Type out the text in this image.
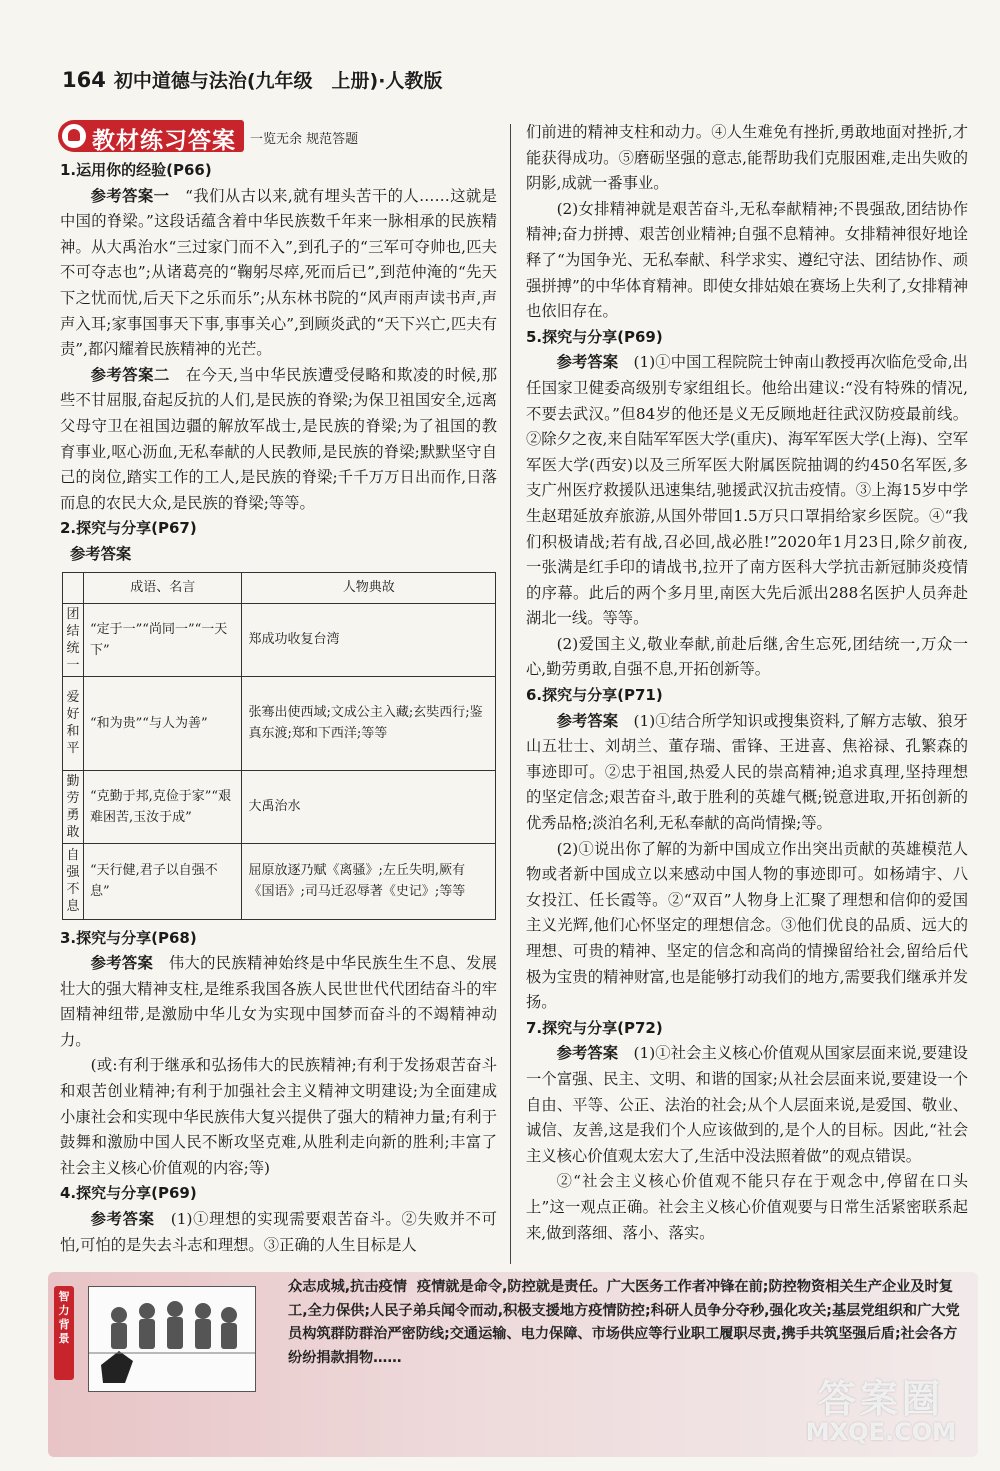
164 初中道德与法治(九年级　上册)·人教版
教材练习答案 一览无余 规范答题

1.运用你的经验(P66)

参考答案一　 “我们从古以来,就有埋头苦干的人……这就是中国的脊梁。”这段话蕴含着中华民族数千年来一脉相承的民族精神。从大禹治水“三过家门而不入”,到孔子的“三军可夺帅也,匹夫不可夺志也”;从诸葛亮的“鞠躬尽瘁,死而后已”,到范仲淹的“先天下之忧而忧,后天下之乐而乐”;从东林书院的“风声雨声读书声,声声入耳;家事国事天下事,事事关心”,到顾炎武的“天下兴亡,匹夫有责”,都闪耀着民族精神的光芒。

参考答案二　 在今天,当中华民族遭受侵略和欺凌的时候,那些不甘屈服,奋起反抗的人们,是民族的脊梁;为保卫祖国安全,远离父母守卫在祖国边疆的解放军战士,是民族的脊梁;为了祖国的教育事业,呕心沥血,无私奉献的人民教师,是民族的脊梁;默默坚守自己的岗位,踏实工作的工人,是民族的脊梁;千千万万日出而作,日落而息的农民大众,是民族的脊梁;等等。

2.探究与分享(P67)

参考答案

	成语、名言	人物典故
团结统一	“定于一”“尚同一”“一天下”	郑成功收复台湾
爱好和平	“和为贵”“与人为善”	张骞出使西域;文成公主入藏;玄奘西行;鉴真东渡;郑和下西洋;等等
勤劳勇敢	“克勤于邦,克俭于家”“艰难困苦,玉汝于成”	大禹治水
自强不息	“天行健,君子以自强不息”	屈原放逐乃赋《离骚》;左丘失明,厥有《国语》;司马迁忍辱著《史记》;等等

3.探究与分享(P68)

参考答案　 伟大的民族精神始终是中华民族生生不息、发展壮大的强大精神支柱,是维系我国各族人民世世代代团结奋斗的牢固精神纽带,是激励中华儿女为实现中国梦而奋斗的不竭精神动力。

(或:有利于继承和弘扬伟大的民族精神;有利于发扬艰苦奋斗和艰苦创业精神;有利于加强社会主义精神文明建设;为全面建成小康社会和实现中华民族伟大复兴提供了强大的精神力量;有利于鼓舞和激励中国人民不断攻坚克难,从胜利走向新的胜利;丰富了社会主义核心价值观的内容;等)

4.探究与分享(P69)

参考答案　 (1)①理想的实现需要艰苦奋斗。②失败并不可怕,可怕的是失去斗志和理想。③正确的人生目标是人

们前进的精神支柱和动力。④人生难免有挫折,勇敢地面对挫折,才能获得成功。⑤磨砺坚强的意志,能帮助我们克服困难,走出失败的阴影,成就一番事业。

(2)女排精神就是艰苦奋斗,无私奉献精神;不畏强敌,团结协作精神;奋力拼搏、艰苦创业精神;自强不息精神。女排精神很好地诠释了“为国争光、无私奉献、科学求实、遵纪守法、团结协作、顽强拼搏”的中华体育精神。即使女排姑娘在赛场上失利了,女排精神也依旧存在。

5.探究与分享(P69)

参考答案　 (1)①中国工程院院士钟南山教授再次临危受命,出任国家卫健委高级别专家组组长。他给出建议:“没有特殊的情况,不要去武汉。”但84岁的他还是义无反顾地赶往武汉防疫最前线。②除夕之夜,来自陆军军医大学(重庆)、海军军医大学(上海)、空军军医大学(西安)以及三所军医大附属医院抽调的约450名军医,多支广州医疗救援队迅速集结,驰援武汉抗击疫情。③上海15岁中学生赵珺延放弃旅游,从国外带回1.5万只口罩捐给家乡医院。④“我们积极请战;若有战,召必回,战必胜!”2020年1月23日,除夕前夜,一张满是红手印的请战书,拉开了南方医科大学抗击新冠肺炎疫情的序幕。此后的两个多月里,南医大先后派出288名医护人员奔赴湖北一线。等等。

(2)爱国主义,敬业奉献,前赴后继,舍生忘死,团结统一,万众一心,勤劳勇敢,自强不息,开拓创新等。

6.探究与分享(P71)

参考答案　 (1)①结合所学知识或搜集资料,了解方志敏、狼牙山五壮士、刘胡兰、董存瑞、雷锋、王进喜、焦裕禄、孔繁森的事迹即可。②忠于祖国,热爱人民的崇高精神;追求真理,坚持理想的坚定信念;艰苦奋斗,敢于胜利的英雄气概;锐意进取,开拓创新的优秀品格;淡泊名利,无私奉献的高尚情操;等。

(2)①说出你了解的为新中国成立作出突出贡献的英雄模范人物或者新中国成立以来感动中国人物的事迹即可。如杨靖宇、八女投江、任长霞等。②“双百”人物身上汇聚了理想和信仰的爱国主义光辉,他们心怀坚定的理想信念。③他们优良的品质、远大的理想、可贵的精神、坚定的信念和高尚的情操留给社会,留给后代极为宝贵的精神财富,也是能够打动我们的地方,需要我们继承并发扬。

7.探究与分享(P72)

参考答案　 (1)①社会主义核心价值观从国家层面来说,要建设一个富强、民主、文明、和谐的国家;从社会层面来说,要建设一个自由、平等、公正、法治的社会;从个人层面来说,是爱国、敬业、诚信、友善,这是我们个人应该做到的,是个人的目标。因此,“社会主义核心价值观太宏大了,生活中没法照着做”的观点错误。

②“社会主义核心价值观不能只存在于观念中,停留在口头上”这一观点正确。社会主义核心价值观要与日常生活紧密联系起来,做到落细、落小、落实。

智力背景
众志成城,抗击疫情 疫情就是命令,防控就是责任。广大医务工作者冲锋在前;防控物资相关生产企业及时复工,全力保供;人民子弟兵闻令而动,积极支援地方疫情防控;科研人员争分夺秒,强化攻关;基层党组织和广大党员构筑群防群治严密防线;交通运输、电力保障、市场供应等行业职工履职尽责,携手共筑坚强后盾;社会各方纷纷捐款捐物……
答案圈
MXQE.COM
